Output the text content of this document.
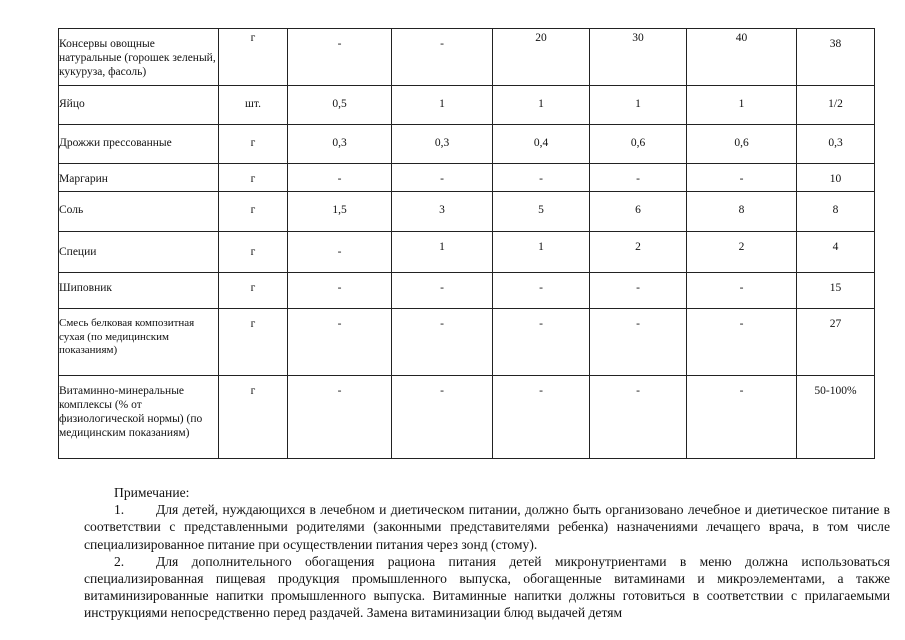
Консервы овощные натуральные (горошек зеленый, кукуруза, фасоль)	г	-	-	20	30	40	38

Яйцо	шт.	0,5	1	1	1	1	1/2

Дрожжи прессованные	г	0,3	0,3	0,4	0,6	0,6	0,3

Маргарин	г	-	-	-	-	-	10

Соль	г	1,5	3	5	6	8	8

Специи	г	-	1	1	2	2	4

Шиповник	г	-	-	-	-	-	15

Смесь белковая композитная сухая (по медицинским показаниям)	г	-	-	-	-	-	27

Витаминно-минеральные комплексы (% от физиологической нормы) (по медицинским показаниям)	г	-	-	-	-	-	50-100%
Примечание:

1. Для детей, нуждающихся в лечебном и диетическом питании, должно быть организовано лечебное и диетическое питание в соответствии с представленными родителями (законными представителями ребенка) назначениями лечащего врача, в том числе специализированное питание при осуществлении питания через зонд (стому).

2. Для дополнительного обогащения рациона питания детей микронутриентами в меню должна использоваться специализированная пищевая продукция промышленного выпуска, обогащенные витаминами и микроэлементами, а также витаминизированные напитки промышленного выпуска. Витаминные напитки должны готовиться в соответствии с прилагаемыми инструкциями непосредственно перед раздачей. Замена витаминизации блюд выдачей детям
